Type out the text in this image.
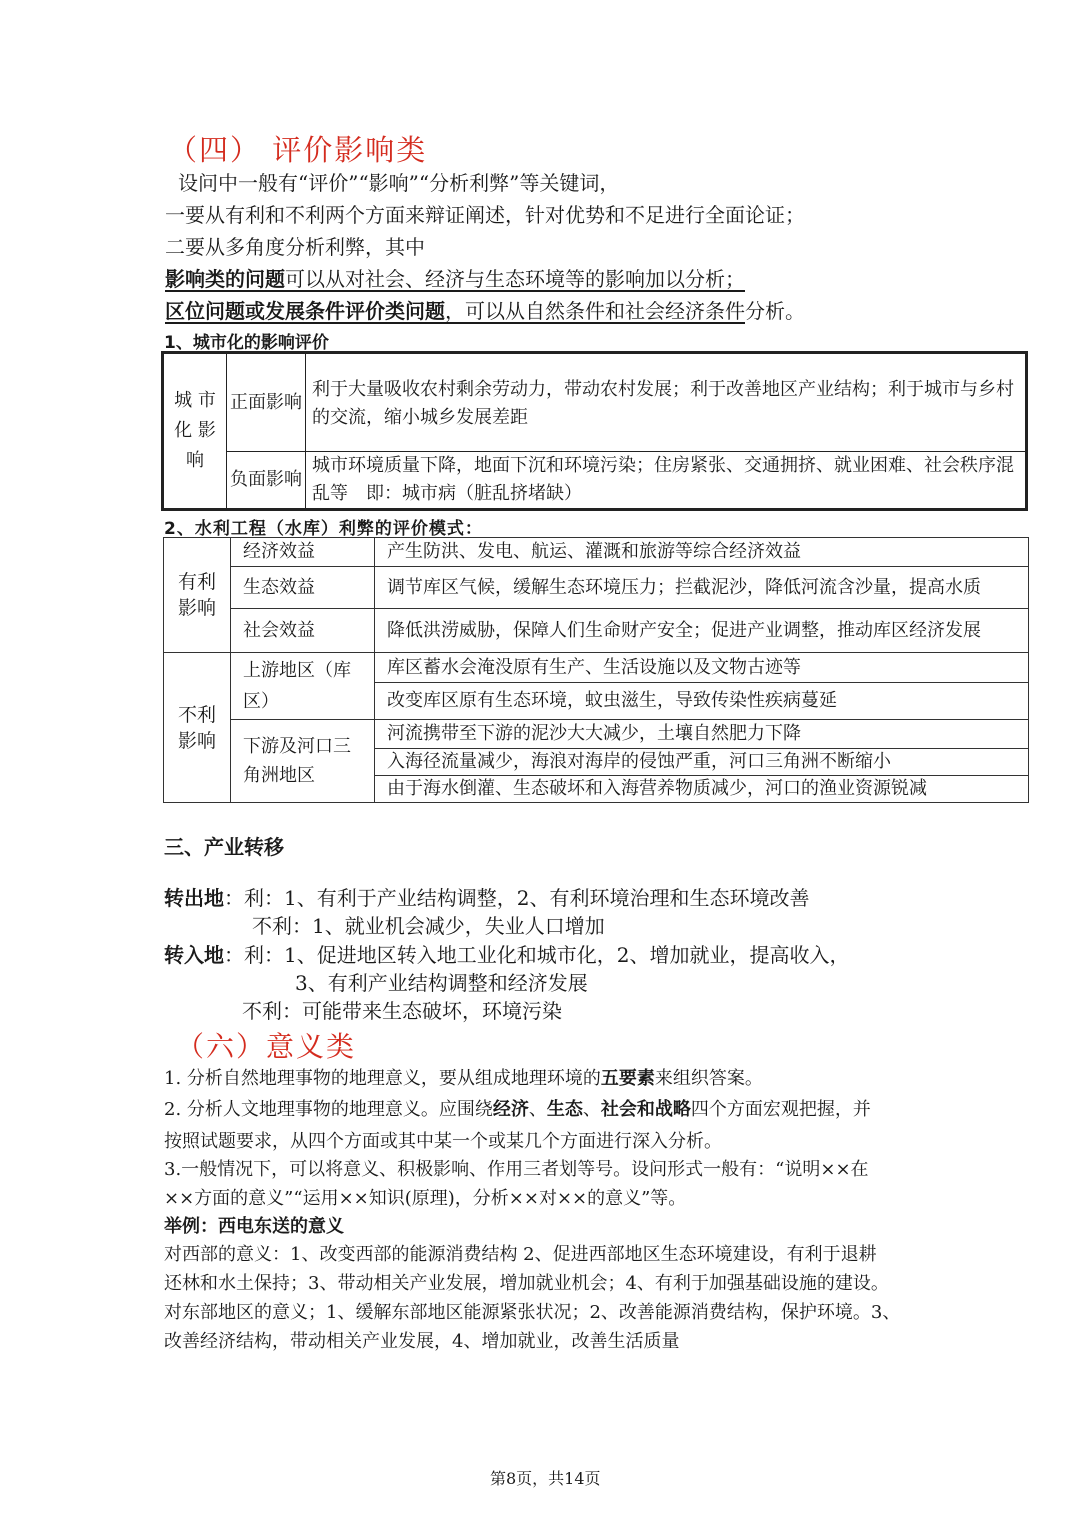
（四） 评价影响类
设问中一般有“评价”“影响”“分析利弊”等关键词，
一要从有利和不利两个方面来辩证阐述，针对优势和不足进行全面论证；
二要从多角度分析利弊，其中
影响类的问题可以从对社会、经济与生态环境等的影响加以分析；
区位问题或发展条件评价类问题，可以从自然条件和社会经济条件分析。
1、城市化的影响评价
城 市 化 影响	正面影响	利于大量吸收农村剩余劳动力，带动农村发展；利于改善地区产业结构；利于城市与乡村的交流，缩小城乡发展差距
	负面影响	城市环境质量下降，地面下沉和环境污染；住房紧张、交通拥挤、就业困难、社会秩序混乱等　即：城市病（脏乱挤堵缺）
2、水利工程（水库）利弊的评价模式：
有利影响	经济效益	产生防洪、发电、航运、灌溉和旅游等综合经济效益
	生态效益	调节库区气候，缓解生态环境压力；拦截泥沙，降低河流含沙量，提高水质
	社会效益	降低洪涝威胁，保障人们生命财产安全；促进产业调整，推动库区经济发展
不利影响	上游地区（库区）	库区蓄水会淹没原有生产、生活设施以及文物古迹等
		改变库区原有生态环境，蚊虫滋生，导致传染性疾病蔓延
	下游及河口三角洲地区	河流携带至下游的泥沙大大减少，土壤自然肥力下降
		入海径流量减少，海浪对海岸的侵蚀严重，河口三角洲不断缩小
		由于海水倒灌、生态破坏和入海营养物质减少，河口的渔业资源锐减
三、产业转移
转出地：利：1、有利于产业结构调整，2、有利环境治理和生态环境改善
不利：1、就业机会减少，失业人口增加
转入地：利：1、促进地区转入地工业化和城市化，2、增加就业，提高收入，
3、有利产业结构调整和经济发展
不利：可能带来生态破坏，环境污染
（六）意义类
1. 分析自然地理事物的地理意义，要从组成地理环境的五要素来组织答案。
2. 分析人文地理事物的地理意义。应围绕经济、生态、社会和战略四个方面宏观把握，并
按照试题要求，从四个方面或其中某一个或某几个方面进行深入分析。
3.一般情况下，可以将意义、积极影响、作用三者划等号。设问形式一般有：“说明××在
××方面的意义”“运用××知识(原理)，分析××对××的意义”等。
举例：西电东送的意义
对西部的意义：1、改变西部的能源消费结构 2、促进西部地区生态环境建设，有利于退耕
还林和水土保持；3、带动相关产业发展，增加就业机会；4、有利于加强基础设施的建设。
对东部地区的意义；1、缓解东部地区能源紧张状况；2、改善能源消费结构，保护环境。3、
改善经济结构，带动相关产业发展，4、增加就业，改善生活质量
第8页，共14页
